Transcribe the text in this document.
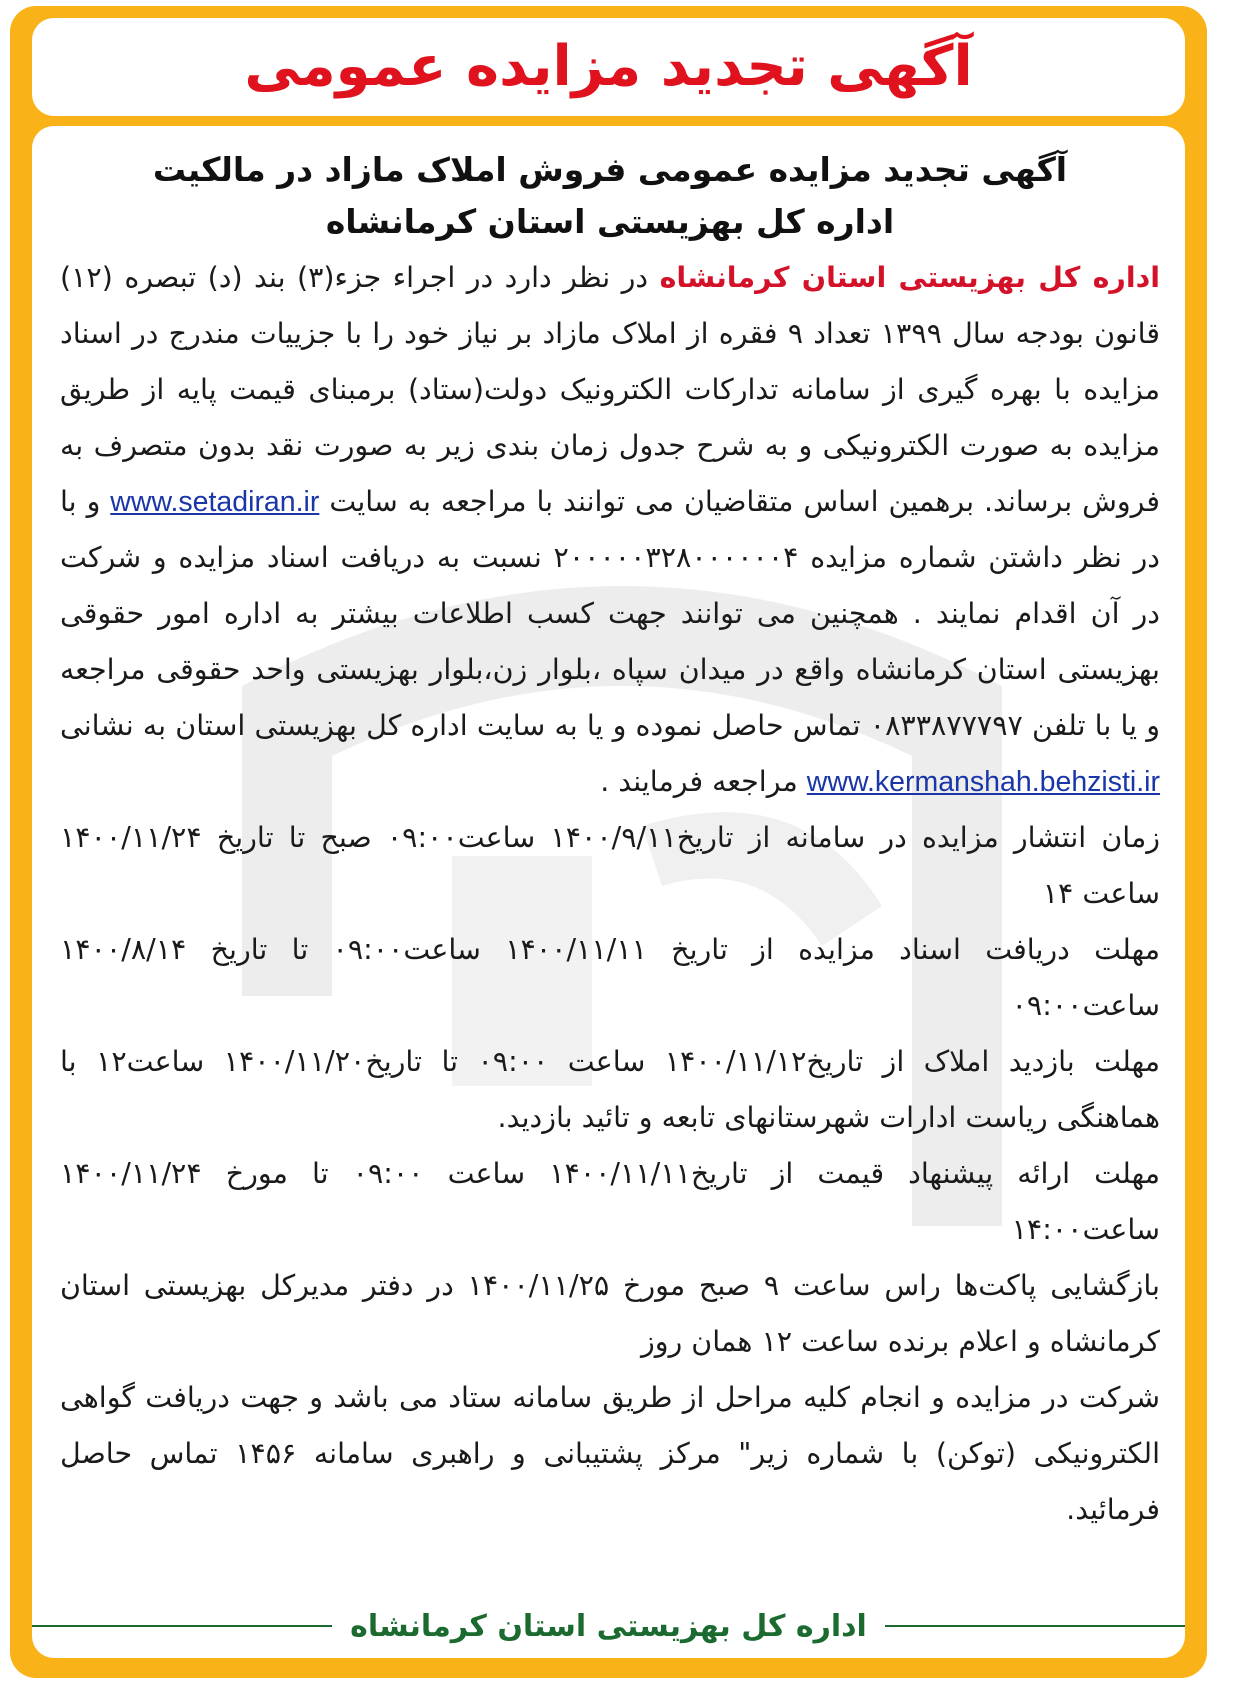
آگهی تجدید مزایده عمومی

آگهی تجدید مزایده عمومی فروش املاک مازاد در مالکیت

اداره کل بهزیستی استان کرمانشاه

اداره کل بهزیستی استان کرمانشاه در نظر دارد در اجراء جزء(۳) بند (د) تبصره (۱۲) قانون بودجه سال ۱۳۹۹ تعداد ۹ فقره از املاک مازاد بر نیاز خود را با جزییات مندرج در اسناد مزایده با بهره گیری از سامانه تدارکات الکترونیک دولت(ستاد) برمبنای قیمت پایه از طریق مزایده به صورت الکترونیکی و به شرح جدول زمان بندی زیر به صورت نقد بدون متصرف به فروش برساند. برهمین اساس متقاضیان می توانند با مراجعه به سایت www.setadiran.ir و با در نظر داشتن شماره مزایده ۲۰۰۰۰۰۳۲۸۰۰۰۰۰۰۴ نسبت به دریافت اسناد مزایده و شرکت در آن اقدام نمایند . همچنین می توانند جهت کسب اطلاعات بیشتر به اداره امور حقوقی بهزیستی استان کرمانشاه واقع در میدان سپاه ،بلوار زن،بلوار بهزیستی واحد حقوقی مراجعه و یا با تلفن ۰۸۳۳۸۷۷۷۹۷ تماس حاصل نموده و یا به سایت اداره کل بهزیستی استان به نشانی www.kermanshah.behzisti.ir مراجعه فرمایند .

زمان انتشار مزایده در سامانه از تاریخ۱۴۰۰/۹/۱۱ ساعت۰۹:۰۰ صبح تا تاریخ ۱۴۰۰/۱۱/۲۴ ساعت ۱۴

مهلت دریافت اسناد مزایده از تاریخ ۱۴۰۰/۱۱/۱۱ ساعت۰۹:۰۰ تا تاریخ ۱۴۰۰/۸/۱۴ ساعت۰۹:۰۰

مهلت بازدید املاک از تاریخ۱۴۰۰/۱۱/۱۲ ساعت ۰۹:۰۰ تا تاریخ۱۴۰۰/۱۱/۲۰ ساعت۱۲ با هماهنگی ریاست ادارات شهرستانهای تابعه و تائید بازدید.

مهلت ارائه پیشنهاد قیمت از تاریخ۱۴۰۰/۱۱/۱۱ ساعت ۰۹:۰۰ تا مورخ ۱۴۰۰/۱۱/۲۴ ساعت۱۴:۰۰

بازگشایی پاکت‌ها راس ساعت ۹ صبح مورخ ۱۴۰۰/۱۱/۲۵ در دفتر مدیرکل بهزیستی استان کرمانشاه و اعلام برنده ساعت ۱۲ همان روز

شرکت در مزایده و انجام کلیه مراحل از طریق سامانه ستاد می باشد و جهت دریافت گواهی الکترونیکی (توکن) با شماره زیر" مرکز پشتیبانی و راهبری سامانه ۱۴۵۶ تماس حاصل فرمائید.

اداره کل بهزیستی استان کرمانشاه
